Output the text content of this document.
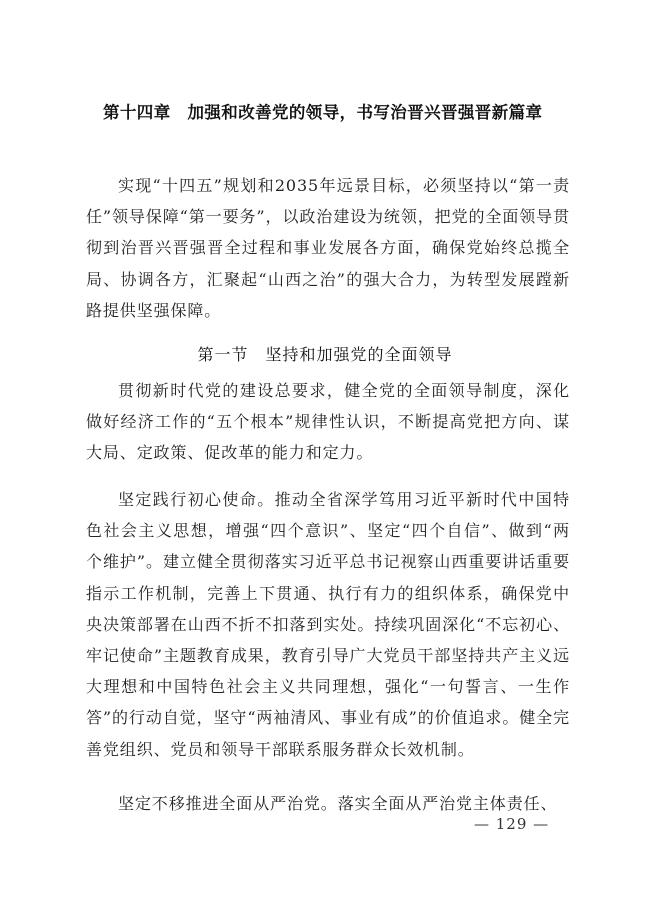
第十四章　加强和改善党的领导，书写治晋兴晋强晋新篇章

实现“十四五”规划和2035年远景目标，必须坚持以“第一责任”领导保障“第一要务”，以政治建设为统领，把党的全面领导贯彻到治晋兴晋强晋全过程和事业发展各方面，确保党始终总揽全局、协调各方，汇聚起“山西之治”的强大合力，为转型发展蹚新路提供坚强保障。

第一节　坚持和加强党的全面领导

贯彻新时代党的建设总要求，健全党的全面领导制度，深化做好经济工作的“五个根本”规律性认识，不断提高党把方向、谋大局、定政策、促改革的能力和定力。

坚定践行初心使命。推动全省深学笃用习近平新时代中国特色社会主义思想，增强“四个意识”、坚定“四个自信”、做到“两个维护”。建立健全贯彻落实习近平总书记视察山西重要讲话重要指示工作机制，完善上下贯通、执行有力的组织体系，确保党中央决策部署在山西不折不扣落到实处。持续巩固深化“不忘初心、牢记使命”主题教育成果，教育引导广大党员干部坚持共产主义远大理想和中国特色社会主义共同理想，强化“一句誓言、一生作答”的行动自觉，坚守“两袖清风、事业有成”的价值追求。健全完善党组织、党员和领导干部联系服务群众长效机制。

坚定不移推进全面从严治党。落实全面从严治党主体责任、

— 129 —
